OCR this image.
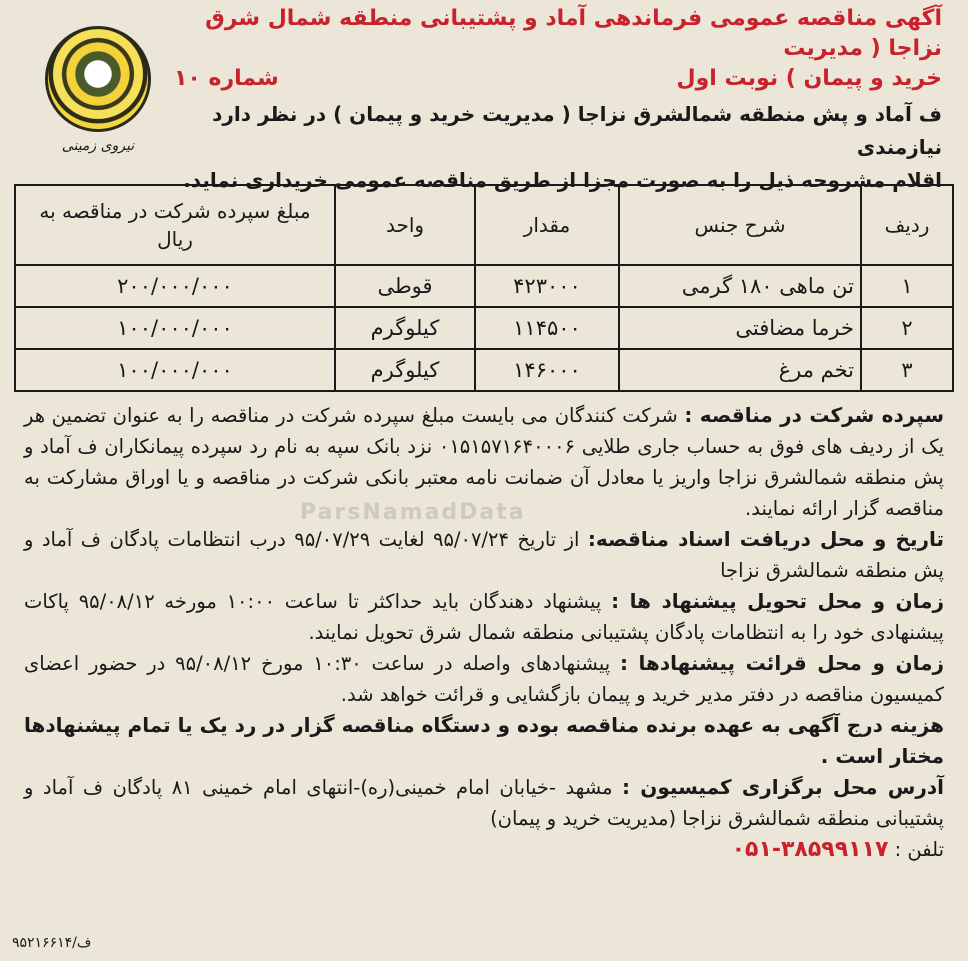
آگهی مناقصه عمومی فرماندهی آماد و پشتیبانی منطقه شمال شرق نزاجا ( مدیریت
خرید و پیمان ) نوبت اول
شماره ۱۰
ف آماد و پش منطقه شمالشرق نزاجا ( مدیریت خرید و پیمان ) در نظر دارد نیازمندی
اقلام مشروحه ذیل را به صورت مجزا از طریق مناقصه عمومی خریداری نماید.
نیروی زمینی
ردیف	شرح جنس	مقدار	واحد	مبلغ سپرده شرکت در مناقصه به ریال
۱	تن ماهی ۱۸۰ گرمی	۴۲۳۰۰۰	قوطی	۲۰۰/۰۰۰/۰۰۰
۲	خرما مضافتی	۱۱۴۵۰۰	کیلوگرم	۱۰۰/۰۰۰/۰۰۰
۳	تخم مرغ	۱۴۶۰۰۰	کیلوگرم	۱۰۰/۰۰۰/۰۰۰

سپرده شرکت در مناقصه : شرکت کنندگان می بایست مبلغ سپرده شرکت در مناقصه را به عنوان تضمین هر یک از ردیف های فوق به حساب جاری طلایی ۰۱۵۱۵۷۱۶۴۰۰۰۶ نزد بانک سپه به نام رد سپرده پیمانکاران ف آماد و پش منطقه شمالشرق نزاجا واریز یا معادل آن ضمانت نامه معتبر بانکی شرکت در مناقصه و یا اوراق مشارکت به مناقصه گزار ارائه نمایند.

تاریخ و محل دریافت اسناد مناقصه: از تاریخ ۹۵/۰۷/۲۴ لغایت ۹۵/۰۷/۲۹ درب انتظامات پادگان ف آماد و پش منطقه شمالشرق نزاجا

زمان و محل تحویل پیشنهاد ها : پیشنهاد دهندگان باید حداکثر تا ساعت ۱۰:۰۰ مورخه ۹۵/۰۸/۱۲ پاکات پیشنهادی خود را به انتظامات پادگان پشتیبانی منطقه شمال شرق تحویل نمایند.

زمان و محل قرائت پیشنهادها : پیشنهادهای واصله در ساعت ۱۰:۳۰ مورخ ۹۵/۰۸/۱۲ در حضور اعضای کمیسیون مناقصه در دفتر مدیر خرید و پیمان بازگشایی و قرائت خواهد شد.

هزینه درج آگهی به عهده برنده مناقصه بوده و دستگاه مناقصه گزار در رد یک یا تمام پیشنهادها مختار است .

آدرس محل برگزاری کمیسیون : مشهد -خیابان امام خمینی(ره)-انتهای امام خمینی ۸۱ پادگان ف آماد و پشتیبانی منطقه شمالشرق نزاجا (مدیریت خرید و پیمان)

تلفن : ۰۵۱-۳۸۵۹۹۱۱۷

ف/۹۵۲۱۶۶۱۴
ParsNamadData
